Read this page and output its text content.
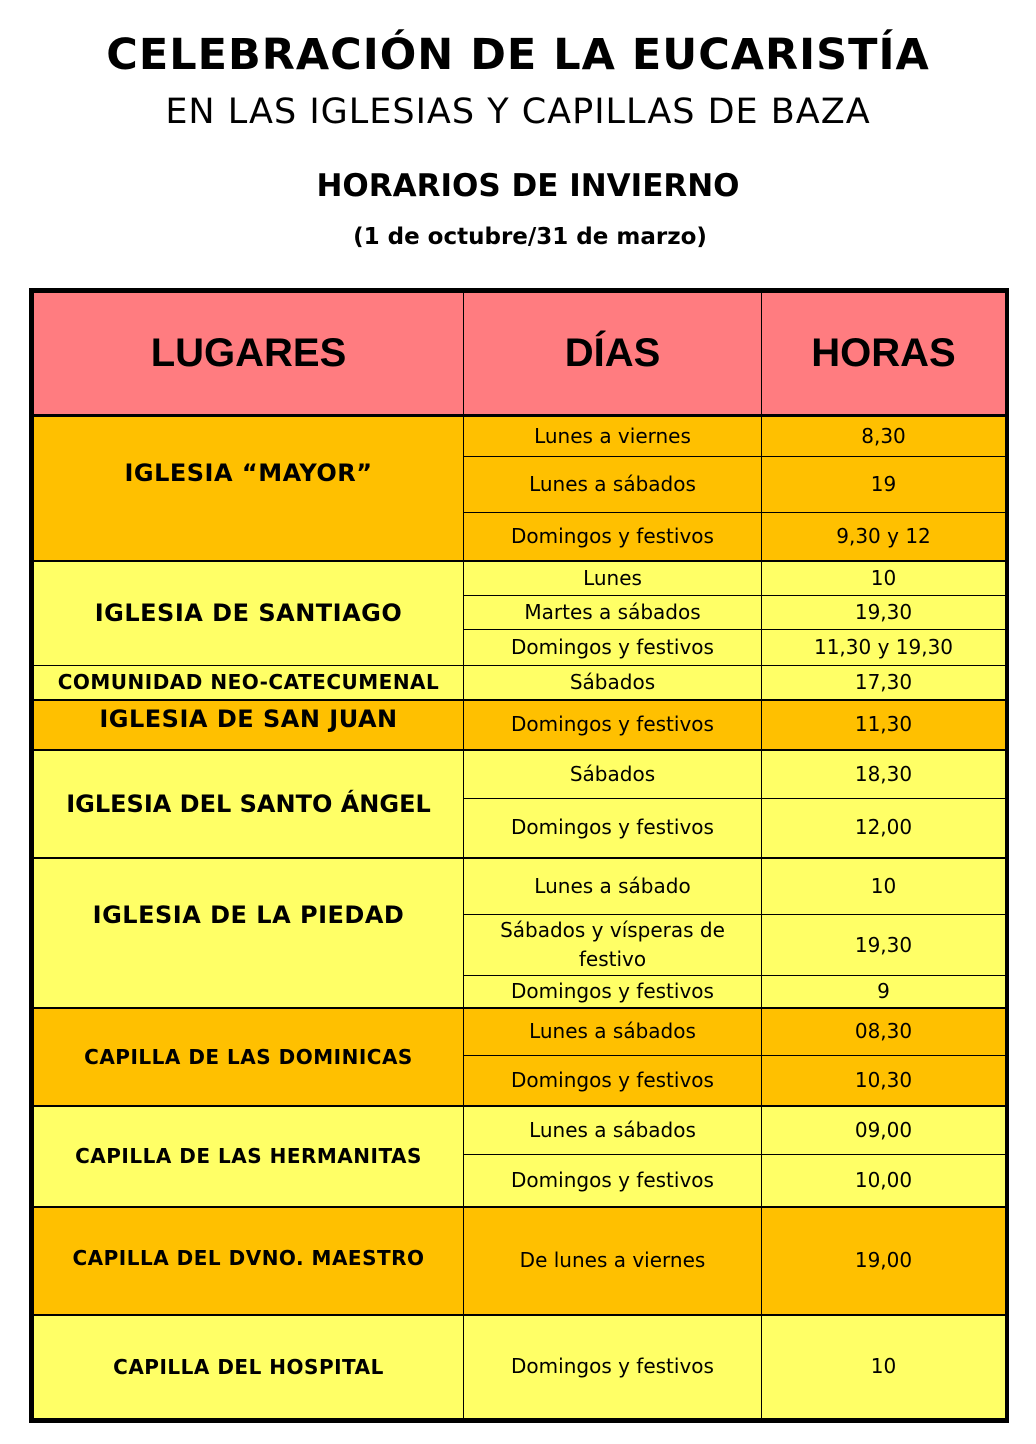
CELEBRACIÓN DE LA EUCARISTÍA
EN LAS IGLESIAS Y CAPILLAS DE BAZA
HORARIOS DE INVIERNO
(1 de octubre/31 de marzo)
LUGARES	DÍAS	HORAS
IGLESIA “MAYOR”	Lunes a viernes	8,30
	Lunes a sábados	19
	Domingos y festivos	9,30 y 12
IGLESIA DE SANTIAGO	Lunes	10
	Martes a sábados	19,30
	Domingos y festivos	11,30 y 19,30
COMUNIDAD NEO-CATECUMENAL	Sábados	17,30
IGLESIA DE SAN JUAN	Domingos y festivos	11,30
IGLESIA DEL SANTO ÁNGEL	Sábados	18,30
	Domingos y festivos	12,00
IGLESIA DE LA PIEDAD	Lunes a sábado	10
	Sábados y vísperas de festivo	19,30
	Domingos y festivos	9
CAPILLA DE LAS DOMINICAS	Lunes a sábados	08,30
	Domingos y festivos	10,30
CAPILLA DE LAS HERMANITAS	Lunes a sábados	09,00
	Domingos y festivos	10,00
CAPILLA DEL DVNO. MAESTRO	De lunes a viernes	19,00
CAPILLA DEL HOSPITAL	Domingos y festivos	10
